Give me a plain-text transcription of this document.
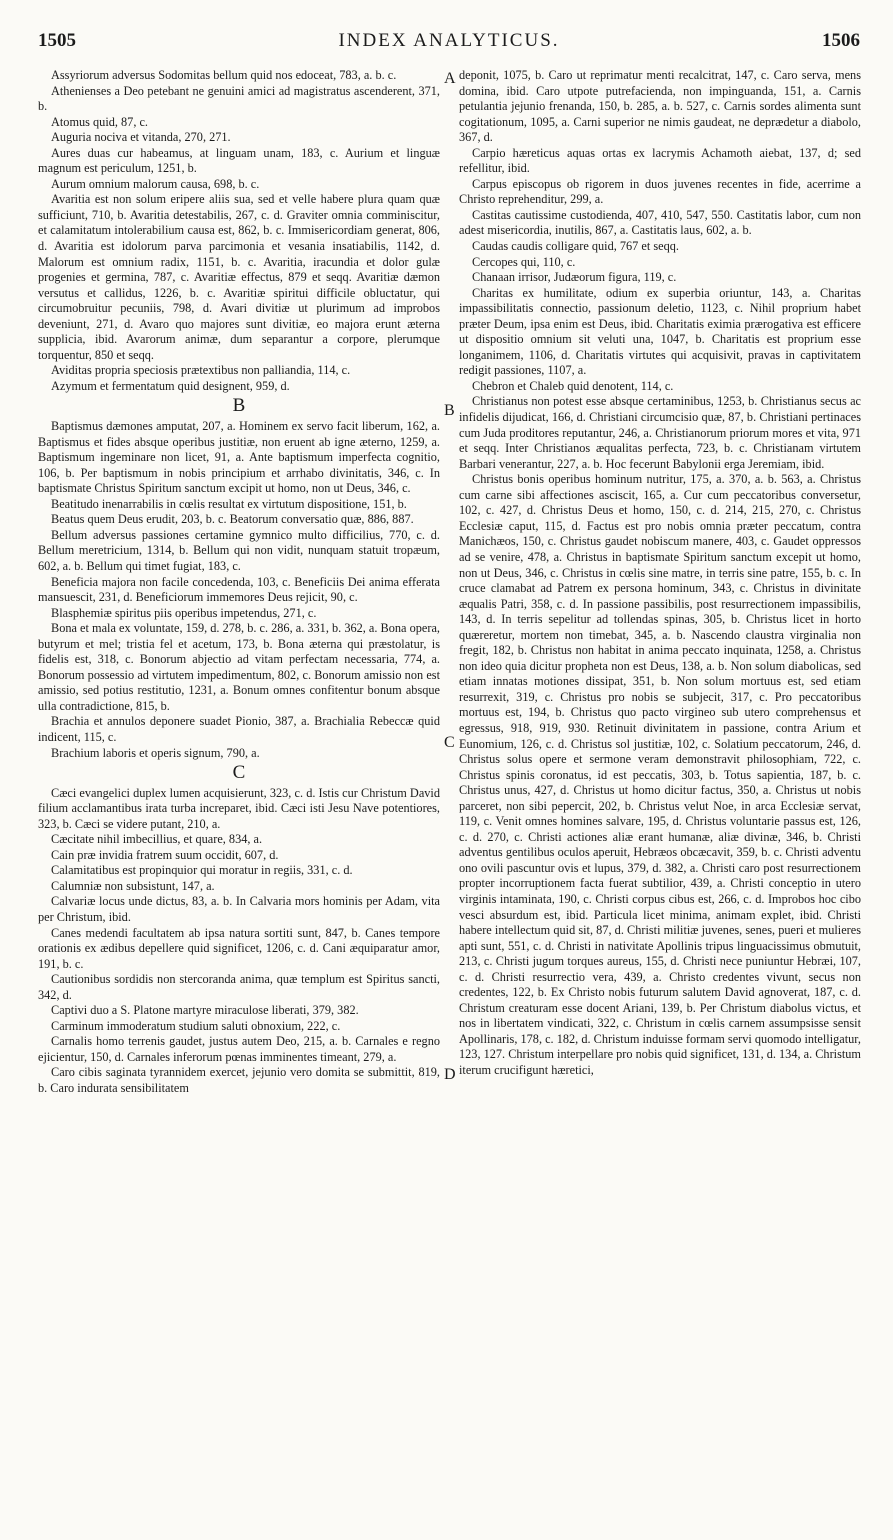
1505	INDEX ANALYTICUS.	1506

Assyriorum adversus Sodomitas bellum quid nos edoceat, 783, a. b. c.

Athenienses a Deo petebant ne genuini amici ad magistratus ascenderent, 371, b.

Atomus quid, 87, c.

Auguria nociva et vitanda, 270, 271.

Aures duas cur habeamus, at linguam unam, 183, c. Aurium et linguæ magnum est periculum, 1251, b.

Aurum omnium malorum causa, 698, b. c.

Avaritia est non solum eripere aliis sua, sed et velle habere plura quam quæ sufficiunt, 710, b. Avaritia detestabilis, 267, c. d. Graviter omnia comminiscitur, et calamitatum intolerabilium causa est, 862, b. c. Immisericordiam generat, 806, d. Avaritia est idolorum parva parcimonia et vesania insatiabilis, 1142, d. Malorum est omnium radix, 1151, b. c. Avaritia, iracundia et dolor gulæ progenies et germina, 787, c. Avaritiæ effectus, 879 et seqq. Avaritiæ dæmon versutus et callidus, 1226, b. c. Avaritiæ spiritui difficile obluctatur, qui circumobruitur pecuniis, 798, d. Avari divitiæ ut plurimum ad improbos deveniunt, 271, d. Avaro quo majores sunt divitiæ, eo majora erunt æterna supplicia, ibid. Avarorum animæ, dum separantur a corpore, plerumque torquentur, 850 et seqq.

Aviditas propria speciosis prætextibus non palliandia, 114, c.

Azymum et fermentatum quid designent, 959, d.

B

Baptismus dæmones amputat, 207, a. Hominem ex servo facit liberum, 162, a. Baptismus et fides absque operibus justitiæ, non eruent ab igne æterno, 1259, a. Baptismum ingeminare non licet, 91, a. Ante baptismum imperfecta cognitio, 106, b. Per baptismum in nobis principium et arrhabo divinitatis, 346, c. In baptismate Christus Spiritum sanctum excipit ut homo, non ut Deus, 346, c.

Beatitudo inenarrabilis in cœlis resultat ex virtutum dispositione, 151, b.

Beatus quem Deus erudit, 203, b. c. Beatorum conversatio quæ, 886, 887.

Bellum adversus passiones certamine gymnico multo difficilius, 770, c. d. Bellum meretricium, 1314, b. Bellum qui non vidit, nunquam statuit tropæum, 602, a. b. Bellum qui timet fugiat, 183, c.

Beneficia majora non facile concedenda, 103, c. Beneficiis Dei anima efferata mansuescit, 231, d. Beneficiorum immemores Deus rejicit, 90, c.

Blasphemiæ spiritus piis operibus impetendus, 271, c.

Bona et mala ex voluntate, 159, d. 278, b. c. 286, a. 331, b. 362, a. Bona opera, butyrum et mel; tristia fel et acetum, 173, b. Bona æterna qui præstolatur, is fidelis est, 318, c. Bonorum abjectio ad vitam perfectam necessaria, 774, a. Bonorum possessio ad virtutem impedimentum, 802, c. Bonorum amissio non est amissio, sed potius restitutio, 1231, a. Bonum omnes confitentur bonum absque ulla contradictione, 815, b.

Brachia et annulos deponere suadet Pionio, 387, a. Brachialia Rebeccæ quid indicent, 115, c.

Brachium laboris et operis signum, 790, a.

C

Cæci evangelici duplex lumen acquisierunt, 323, c. d. Istis cur Christum David filium acclamantibus irata turba increparet, ibid. Cæci isti Jesu Nave potentiores, 323, b. Cæci se videre putant, 210, a.

Cæcitate nihil imbecillius, et quare, 834, a.

Cain præ invidia fratrem suum occidit, 607, d.

Calamitatibus est propinquior qui moratur in regiis, 331, c. d.

Calumniæ non subsistunt, 147, a.

Calvariæ locus unde dictus, 83, a. b. In Calvaria mors hominis per Adam, vita per Christum, ibid.

Canes medendi facultatem ab ipsa natura sortiti sunt, 847, b. Canes tempore orationis ex ædibus depellere quid significet, 1206, c. d. Cani æquiparatur amor, 191, b. c.

Cautionibus sordidis non stercoranda anima, quæ templum est Spiritus sancti, 342, d.

Captivi duo a S. Platone martyre miraculose liberati, 379, 382.

Carminum immoderatum studium saluti obnoxium, 222, c.

Carnalis homo terrenis gaudet, justus autem Deo, 215, a. b. Carnales e regno ejicientur, 150, d. Carnales inferorum pœnas imminentes timeant, 279, a.

Caro cibis saginata tyrannidem exercet, jejunio vero domita se submittit, 819, b. Caro indurata sensibilitatem

deponit, 1075, b. Caro ut reprimatur menti recalcitrat, 147, c. Caro serva, mens domina, ibid. Caro utpote putrefacienda, non impinguanda, 151, a. Carnis petulantia jejunio frenanda, 150, b. 285, a. b. 527, c. Carnis sordes alimenta sunt cogitationum, 1095, a. Carni superior ne nimis gaudeat, ne deprædetur a diabolo, 367, d.

Carpio hæreticus aquas ortas ex lacrymis Achamoth aiebat, 137, d; sed refellitur, ibid.

Carpus episcopus ob rigorem in duos juvenes recentes in fide, acerrime a Christo reprehenditur, 299, a.

Castitas cautissime custodienda, 407, 410, 547, 550. Castitatis labor, cum non adest misericordia, inutilis, 867, a. Castitatis laus, 602, a. b.

Caudas caudis colligare quid, 767 et seqq.

Cercopes qui, 110, c.

Chanaan irrisor, Judæorum figura, 119, c.

Charitas ex humilitate, odium ex superbia oriuntur, 143, a. Charitas impassibilitatis connectio, passionum deletio, 1123, c. Nihil proprium habet præter Deum, ipsa enim est Deus, ibid. Charitatis eximia prærogativa est efficere ut dispositio omnium sit veluti una, 1047, b. Charitatis est proprium esse longanimem, 1106, d. Charitatis virtutes qui acquisivit, pravas in captivitatem redigit passiones, 1107, a.

Chebron et Chaleb quid denotent, 114, c.

Christianus non potest esse absque certaminibus, 1253, b. Christianus secus ac infidelis dijudicat, 166, d. Christiani circumcisio quæ, 87, b. Christiani pertinaces cum Juda proditores reputantur, 246, a. Christianorum priorum mores et vita, 971 et seqq. Inter Christianos æqualitas perfecta, 723, b. c. Christianam virtutem Barbari venerantur, 227, a. b. Hoc fecerunt Babylonii erga Jeremiam, ibid.

Christus bonis operibus hominum nutritur, 175, a. 370, a. b. 563, a. Christus cum carne sibi affectiones asciscit, 165, a. Cur cum peccatoribus conversetur, 102, c. 427, d. Christus Deus et homo, 150, c. d. 214, 215, 270, c. Christus Ecclesiæ caput, 115, d. Factus est pro nobis omnia præter peccatum, contra Manichæos, 150, c. Christus gaudet nobiscum manere, 403, c. Gaudet oppressos ad se venire, 478, a. Christus in baptismate Spiritum sanctum excepit ut homo, non ut Deus, 346, c. Christus in cœlis sine matre, in terris sine patre, 155, b. c. In cruce clamabat ad Patrem ex persona hominum, 343, c. Christus in divinitate æqualis Patri, 358, c. d. In passione passibilis, post resurrectionem impassibilis, 143, d. In terris sepelitur ad tollendas spinas, 305, b. Christus licet in horto quæreretur, mortem non timebat, 345, a. b. Nascendo claustra virginalia non fregit, 182, b. Christus non habitat in anima peccato inquinata, 1258, a. Christus non ideo quia dicitur propheta non est Deus, 138, a. b. Non solum diabolicas, sed etiam innatas motiones dissipat, 351, b. Non solum mortuus est, sed etiam resurrexit, 319, c. Christus pro nobis se subjecit, 317, c. Pro peccatoribus mortuus est, 194, b. Christus quo pacto virgineo sub utero comprehensus et egressus, 918, 919, 930. Retinuit divinitatem in passione, contra Arium et Eunomium, 126, c. d. Christus sol justitiæ, 102, c. Solatium peccatorum, 246, d. Christus solus opere et sermone veram demonstravit philosophiam, 722, c. Christus spinis coronatus, id est peccatis, 303, b. Totus sapientia, 187, b. c. Christus unus, 427, d. Christus ut homo dicitur factus, 350, a. Christus ut nobis parceret, non sibi pepercit, 202, b. Christus velut Noe, in arca Ecclesiæ servat, 119, c. Venit omnes homines salvare, 195, d. Christus voluntarie passus est, 126, c. d. 270, c. Christi actiones aliæ erant humanæ, aliæ divinæ, 346, b. Christi adventus gentilibus oculos aperuit, Hebræos obcæcavit, 359, b. c. Christi adventu ono ovili pascuntur ovis et lupus, 379, d. 382, a. Christi caro post resurrectionem propter incorruptionem facta fuerat subtilior, 439, a. Christi conceptio in utero virginis intaminata, 190, c. Christi corpus cibus est, 266, c. d. Improbos hoc cibo vesci absurdum est, ibid. Particula licet minima, animam explet, ibid. Christi habere intellectum quid sit, 87, d. Christi militiæ juvenes, senes, pueri et mulieres apti sunt, 551, c. d. Christi in nativitate Apollinis tripus linguacissimus obmutuit, 213, c. Christi jugum torques aureus, 155, d. Christi nece puniuntur Hebræi, 107, c. d. Christi resurrectio vera, 439, a. Christo credentes vivunt, secus non credentes, 122, b. Ex Christo nobis futurum salutem David agnoverat, 187, c. d. Christum creaturam esse docent Ariani, 139, b. Per Christum diabolus victus, et nos in libertatem vindicati, 322, c. Christum in cœlis carnem assumpsisse sensit Apollinaris, 178, c. 182, d. Christum induisse formam servi quomodo intelligatur, 123, 127. Christum interpellare pro nobis quid significet, 131, d. 134, a. Christum iterum crucifigunt hæretici,

A
B
C
D
